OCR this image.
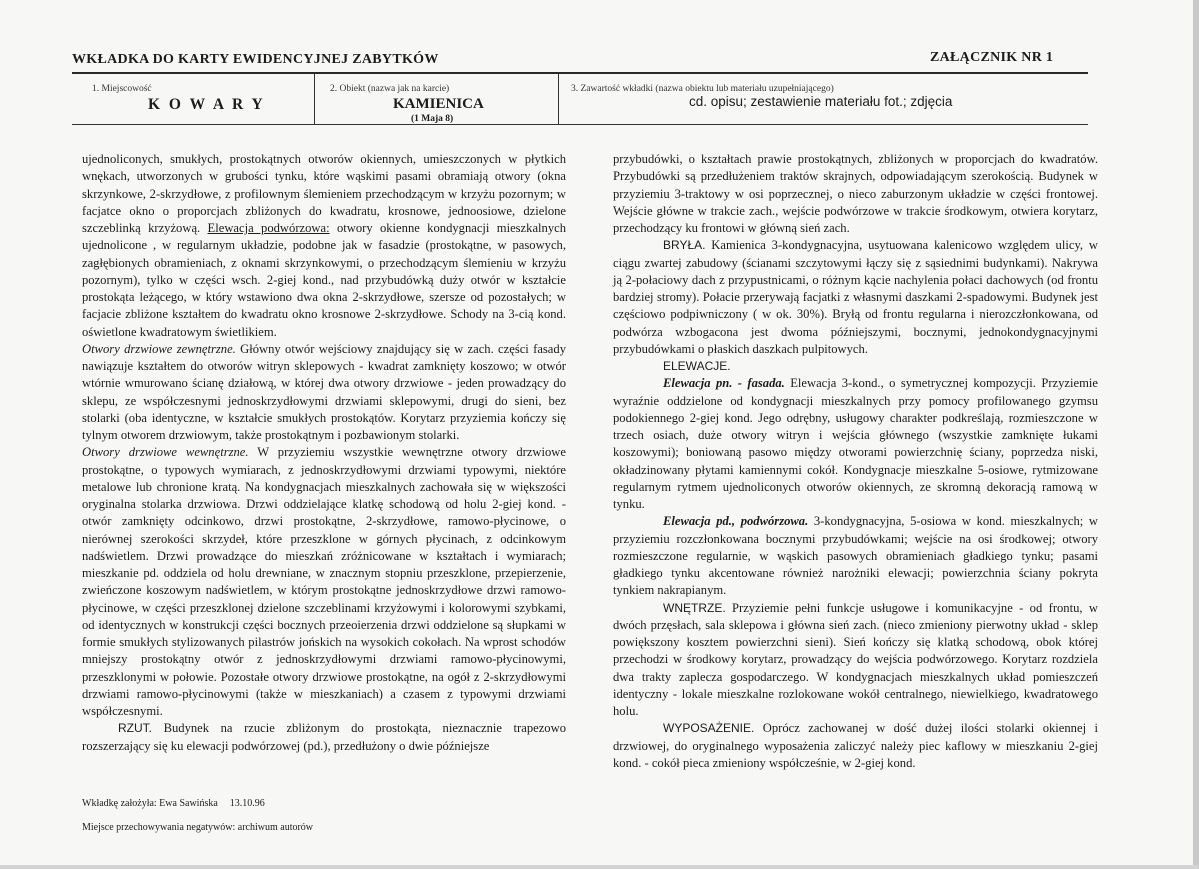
WKŁADKA DO KARTY EWIDENCYJNEJ ZABYTKÓW	ZAŁĄCZNIK NR 1
1. Miejscowość
K O W A R Y
2. Obiekt (nazwa jak na karcie)
KAMIENICA
(1 Maja 8)
3. Zawartość wkładki (nazwa obiektu lub materiału uzupełniającego)
cd. opisu; zestawienie materiału fot.; zdjęcia

ujednoliconych, smukłych, prostokątnych otworów okiennych, umieszczonych w płytkich wnękach, utworzonych w grubości tynku, które wąskimi pasami obramiają otwory (okna skrzynkowe, 2-skrzydłowe, z profilownym ślemieniem przechodzącym w krzyżu pozornym; w facjatce okno o proporcjach zbliżonych do kwadratu, krosnowe, jednoosiowe, dzielone szczeblinką krzyżową. Elewacja podwórzowa: otwory okienne kondygnacji mieszkalnych ujednolicone , w regularnym układzie, podobne jak w fasadzie (prostokątne, w pasowych, zagłębionych obramieniach, z oknami skrzynkowymi, o przechodzącym ślemieniu w krzyżu pozornym), tylko w części wsch. 2-giej kond., nad przybudówką duży otwór w kształcie prostokąta leżącego, w który wstawiono dwa okna 2-skrzydłowe, szersze od pozostałych; w facjacie zbliżone kształtem do kwadratu okno krosnowe 2-skrzydłowe. Schody na 3-cią kond. oświetlone kwadratowym świetlikiem.

Otwory drzwiowe zewnętrzne. Główny otwór wejściowy znajdujący się w zach. części fasady nawiązuje kształtem do otworów witryn sklepowych - kwadrat zamknięty koszowo; w otwór wtórnie wmurowano ścianę działową, w której dwa otwory drzwiowe - jeden prowadzący do sklepu, ze współczesnymi jednoskrzydłowymi drzwiami sklepowymi, drugi do sieni, bez stolarki (oba identyczne, w kształcie smukłych prostokątów. Korytarz przyziemia kończy się tylnym otworem drzwiowym, także prostokątnym i pozbawionym stolarki.

Otwory drzwiowe wewnętrzne. W przyziemiu wszystkie wewnętrzne otwory drzwiowe prostokątne, o typowych wymiarach, z jednoskrzydłowymi drzwiami typowymi, niektóre metalowe lub chronione kratą. Na kondygnacjach mieszkalnych zachowała się w większości oryginalna stolarka drzwiowa. Drzwi oddzielające klatkę schodową od holu 2-giej kond. - otwór zamknięty odcinkowo, drzwi prostokątne, 2-skrzydłowe, ramowo-płycinowe, o nierównej szerokości skrzydeł, które przeszklone w górnych płycinach, z odcinkowym nadświetlem. Drzwi prowadzące do mieszkań zróżnicowane w kształtach i wymiarach; mieszkanie pd. oddziela od holu drewniane, w znacznym stopniu przeszklone, przepierzenie, zwieńczone koszowym nadświetlem, w którym prostokątne jednoskrzydłowe drzwi ramowo-płycinowe, w części przeszklonej dzielone szczeblinami krzyżowymi i kolorowymi szybkami, od identycznych w konstrukcji części bocznych przeoierzenia drzwi oddzielone są słupkami w formie smukłych stylizowanych pilastrów jońskich na wysokich cokołach. Na wprost schodów mniejszy prostokątny otwór z jednoskrzydłowymi drzwiami ramowo-płycinowymi, przeszklonymi w połowie. Pozostałe otwory drzwiowe prostokątne, na ogół z 2-skrzydłowymi drzwiami ramowo-płycinowymi (także w mieszkaniach) a czasem z typowymi drzwiami współczesnymi.

RZUT. Budynek na rzucie zbliżonym do prostokąta, nieznacznie trapezowo rozszerzający się ku elewacji podwórzowej (pd.), przedłużony o dwie późniejsze

przybudówki, o kształtach prawie prostokątnych, zbliżonych w proporcjach do kwadratów. Przybudówki są przedłużeniem traktów skrajnych, odpowiadającym szerokością. Budynek w przyziemiu 3-traktowy w osi poprzecznej, o nieco zaburzonym układzie w części frontowej. Wejście główne w trakcie zach., wejście podwórzowe w trakcie środkowym, otwiera korytarz, przechodzący ku frontowi w główną sień zach.

BRYŁA. Kamienica 3-kondygnacyjna, usytuowana kalenicowo względem ulicy, w ciągu zwartej zabudowy (ścianami szczytowymi łączy się z sąsiednimi budynkami). Nakrywa ją 2-połaciowy dach z przypustnicami, o różnym kącie nachylenia połaci dachowych (od frontu bardziej stromy). Połacie przerywają facjatki z własnymi daszkami 2-spadowymi. Budynek jest częściowo podpiwniczony ( w ok. 30%). Bryłą od frontu regularna i nierozczłonkowana, od podwórza wzbogacona jest dwoma późniejszymi, bocznymi, jednokondygnacyjnymi przybudówkami o płaskich daszkach pulpitowych.

ELEWACJE.

Elewacja pn. - fasada. Elewacja 3-kond., o symetrycznej kompozycji. Przyziemie wyraźnie oddzielone od kondygnacji mieszkalnych przy pomocy profilowanego gzymsu podokiennego 2-giej kond. Jego odrębny, usługowy charakter podkreślają, rozmieszczone w trzech osiach, duże otwory witryn i wejścia głównego (wszystkie zamknięte łukami koszowymi); boniowaną pasowo między otworami powierzchnię ściany, poprzedza niski, okładzinowany płytami kamiennymi cokół. Kondygnacje mieszkalne 5-osiowe, rytmizowane regularnym rytmem ujednoliconych otworów okiennych, ze skromną dekoracją ramową w tynku.

Elewacja pd., podwórzowa. 3-kondygnacyjna, 5-osiowa w kond. mieszkalnych; w przyziemiu rozczłonkowana bocznymi przybudówkami; wejście na osi środkowej; otwory rozmieszczone regularnie, w wąskich pasowych obramieniach gładkiego tynku; pasami gładkiego tynku akcentowane również narożniki elewacji; powierzchnia ściany pokryta tynkiem nakrapianym.

WNĘTRZE. Przyziemie pełni funkcje usługowe i komunikacyjne - od frontu, w dwóch przęsłach, sala sklepowa i główna sień zach. (nieco zmieniony pierwotny układ - sklep powiększony kosztem powierzchni sieni). Sień kończy się klatką schodową, obok której przechodzi w środkowy korytarz, prowadzący do wejścia podwórzowego. Korytarz rozdziela dwa trakty zaplecza gospodarczego. W kondygnacjach mieszkalnych układ pomieszczeń identyczny - lokale mieszkalne rozlokowane wokół centralnego, niewielkiego, kwadratowego holu.

WYPOSAŻENIE. Oprócz zachowanej w dość dużej ilości stolarki okiennej i drzwiowej, do oryginalnego wyposażenia zaliczyć należy piec kaflowy w mieszkaniu 2-giej kond. - cokół pieca zmieniony współcześnie, w 2-giej kond.

Wkładkę założyła: Ewa Sawińska 13.10.96
Miejsce przechowywania negatywów: archiwum autorów
